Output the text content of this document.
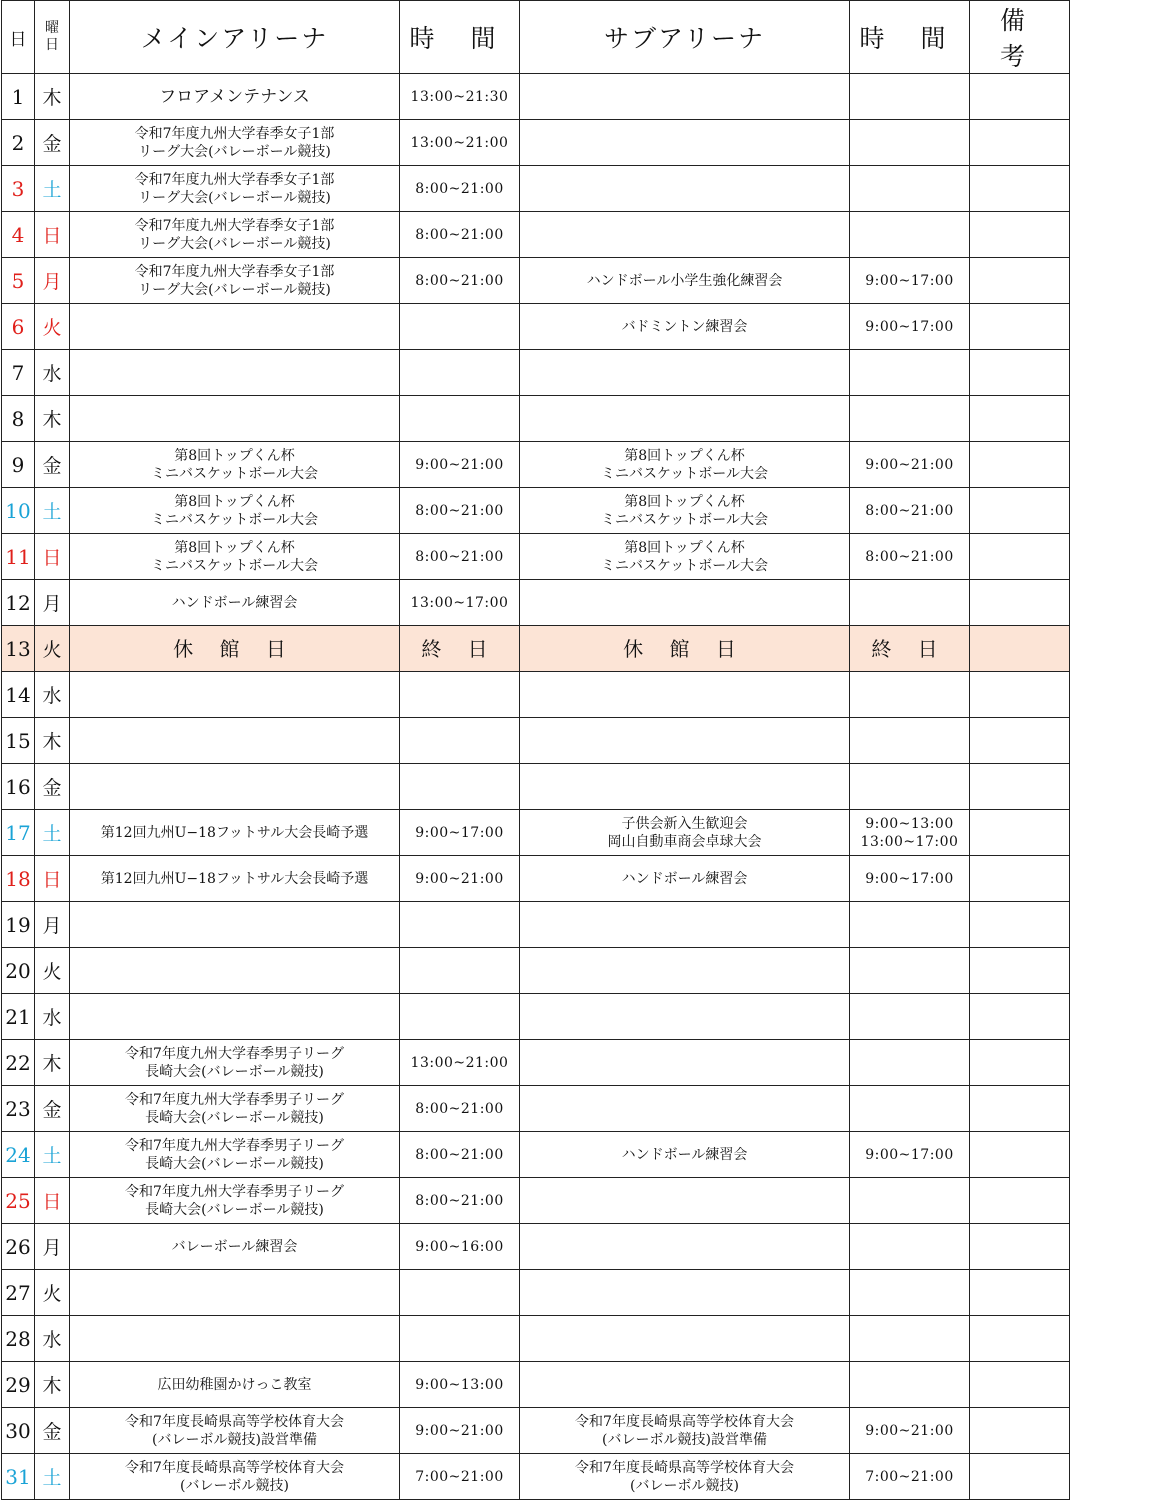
日	曜
日	メインアリーナ	時 間	サブアリーナ	時 間	備 考
1	木	フロアメンテナンス	13:00~21:30			
2	金	令和7年度九州大学春季女子1部
リーグ大会(バレーボール競技)	13:00~21:00			
3	土	令和7年度九州大学春季女子1部
リーグ大会(バレーボール競技)	8:00~21:00			
4	日	令和7年度九州大学春季女子1部
リーグ大会(バレーボール競技)	8:00~21:00			
5	月	令和7年度九州大学春季女子1部
リーグ大会(バレーボール競技)	8:00~21:00	ハンドボール小学生強化練習会	9:00~17:00	
6	火			バドミントン練習会	9:00~17:00	
7	水					
8	木					
9	金	第8回トップくん杯
ミニバスケットボール大会	9:00~21:00	第8回トップくん杯
ミニバスケットボール大会	9:00~21:00	
10	土	第8回トップくん杯
ミニバスケットボール大会	8:00~21:00	第8回トップくん杯
ミニバスケットボール大会	8:00~21:00	
11	日	第8回トップくん杯
ミニバスケットボール大会	8:00~21:00	第8回トップくん杯
ミニバスケットボール大会	8:00~21:00	
12	月	ハンドボール練習会	13:00~17:00			
13	火	休 館 日	終 日	休 館 日	終 日	
14	水					
15	木					
16	金					
17	土	第12回九州U−18フットサル大会長崎予選	9:00~17:00	子供会新入生歓迎会
岡山自動車商会卓球大会	9:00~13:00
13:00~17:00	
18	日	第12回九州U−18フットサル大会長崎予選	9:00~21:00	ハンドボール練習会	9:00~17:00	
19	月					
20	火					
21	水					
22	木	令和7年度九州大学春季男子リーグ
長崎大会(バレーボール競技)	13:00~21:00			
23	金	令和7年度九州大学春季男子リーグ
長崎大会(バレーボール競技)	8:00~21:00			
24	土	令和7年度九州大学春季男子リーグ
長崎大会(バレーボール競技)	8:00~21:00	ハンドボール練習会	9:00~17:00	
25	日	令和7年度九州大学春季男子リーグ
長崎大会(バレーボール競技)	8:00~21:00			
26	月	バレーボール練習会	9:00~16:00			
27	火					
28	水					
29	木	広田幼稚園かけっこ教室	9:00~13:00			
30	金	令和7年度長崎県高等学校体育大会
(バレーボル競技)設営準備	9:00~21:00	令和7年度長崎県高等学校体育大会
(バレーボル競技)設営準備	9:00~21:00	
31	土	令和7年度長崎県高等学校体育大会
(バレーボル競技)	7:00~21:00	令和7年度長崎県高等学校体育大会
(バレーボル競技)	7:00~21:00	
